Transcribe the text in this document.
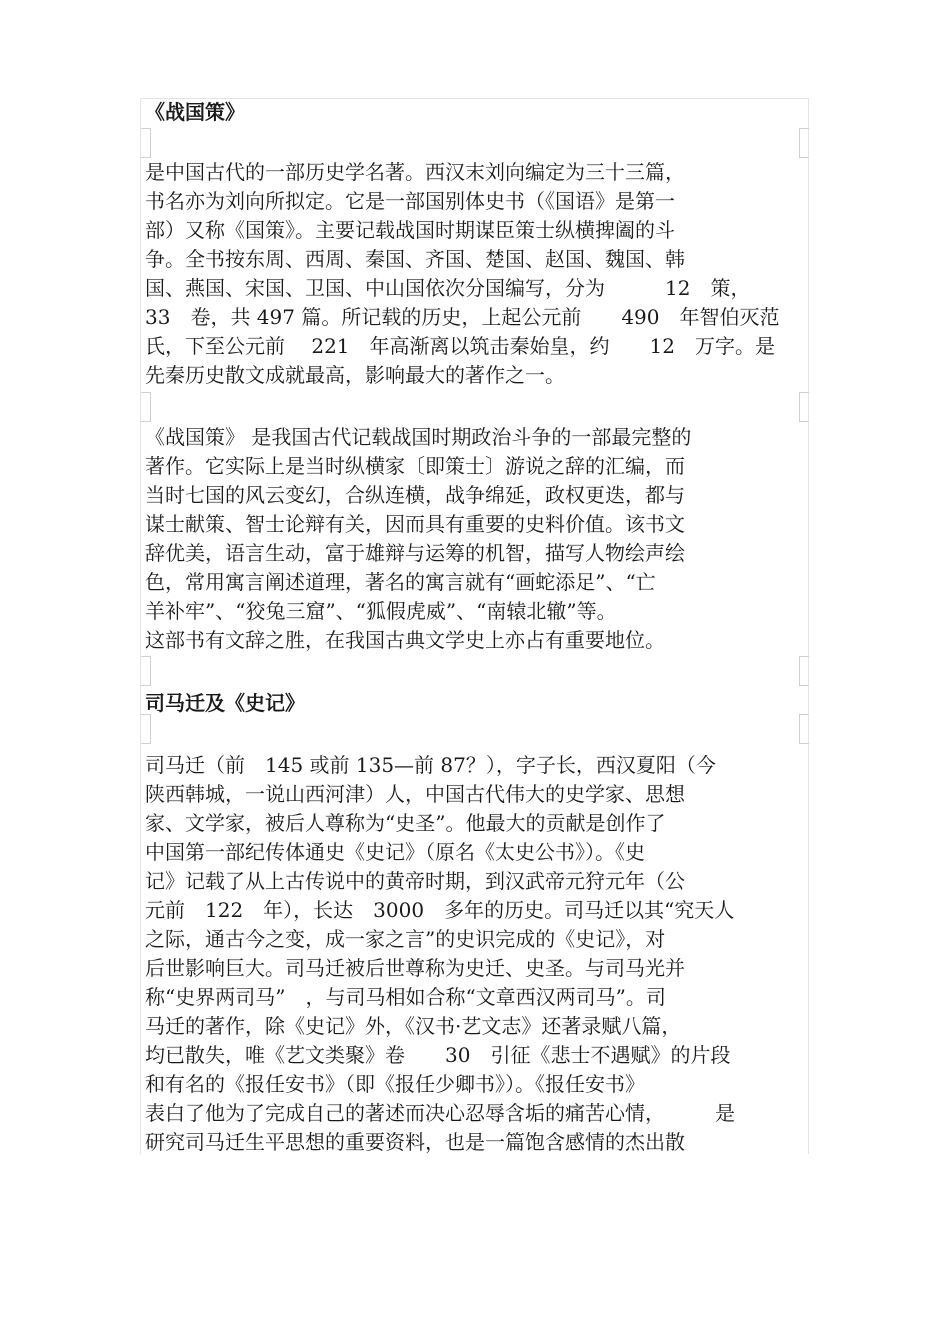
《战国策》

是中国古代的一部历史学名著。西汉末刘向编定为三十三篇，

书名亦为刘向所拟定。它是一部国别体史书（《国语》是第一

部）又称《国策》。主要记载战国时期谋臣策士纵横捭阖的斗

争。全书按东周、西周、秦国、齐国、楚国、赵国、魏国、韩

国、燕国、宋国、卫国、中山国依次分国编写，分为　　　12　策，

33　卷，共 497 篇。所记载的历史，上起公元前　　490　年智伯灭范

氏，下至公元前　 221　年高渐离以筑击秦始皇，约　　12　万字。是

先秦历史散文成就最高，影响最大的著作之一。

《战国策》 是我国古代记载战国时期政治斗争的一部最完整的

著作。它实际上是当时纵横家〔即策士〕游说之辞的汇编，而

当时七国的风云变幻，合纵连横，战争绵延，政权更迭，都与

谋士献策、智士论辩有关，因而具有重要的史料价值。该书文

辞优美，语言生动，富于雄辩与运筹的机智，描写人物绘声绘

色，常用寓言阐述道理，著名的寓言就有“画蛇添足”、“亡

羊补牢”、“狡兔三窟”、“狐假虎威”、“南辕北辙”等。

这部书有文辞之胜，在我国古典文学史上亦占有重要地位。

司马迁及《史记》

司马迁（前　145 或前 135—前 87？），字子长，西汉夏阳（今

陕西韩城，一说山西河津）人，中国古代伟大的史学家、思想

家、文学家，被后人尊称为“史圣”。他最大的贡献是创作了

中国第一部纪传体通史《史记》（原名《太史公书》）。《史

记》记载了从上古传说中的黄帝时期，到汉武帝元狩元年（公

元前　122　年），长达　3000　多年的历史。司马迁以其“究天人

之际，通古今之变，成一家之言”的史识完成的《史记》，对

后世影响巨大。司马迁被后世尊称为史迁、史圣。与司马光并

称“史界两司马”　，与司马相如合称“文章西汉两司马”。司

马迁的著作，除《史记》外，《汉书·艺文志》还著录赋八篇，

均已散失，唯《艺文类聚》卷　　30　引征《悲士不遇赋》的片段

和有名的《报任安书》（即《报任少卿书》）。《报任安书》

表白了他为了完成自己的著述而决心忍辱含垢的痛苦心情，　　　是

研究司马迁生平思想的重要资料，也是一篇饱含感情的杰出散
